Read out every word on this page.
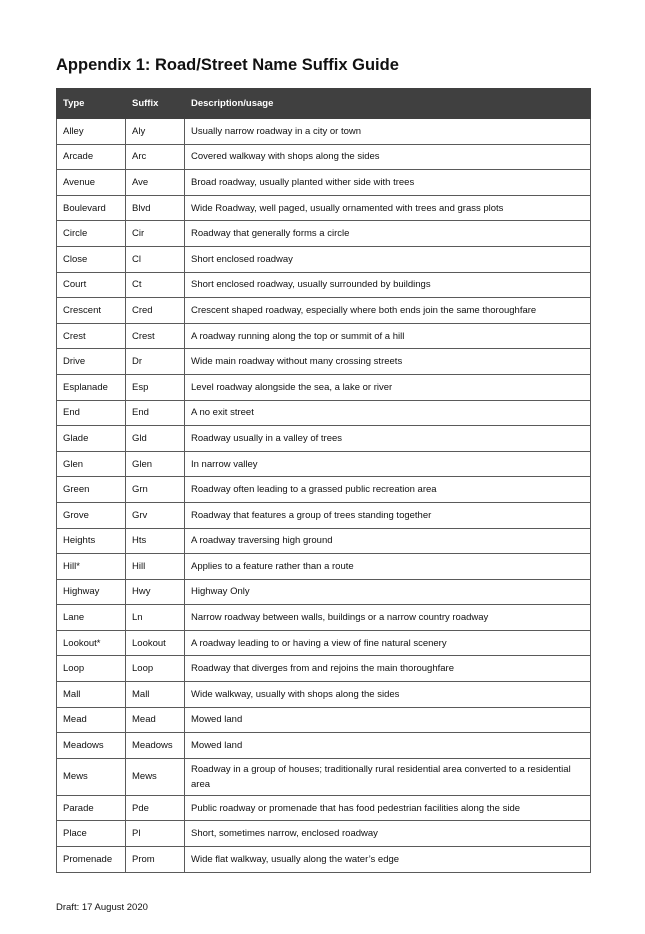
Appendix 1: Road/Street Name Suffix Guide
Type	Suffix	Description/usage
Alley	Aly	Usually narrow roadway in a city or town
Arcade	Arc	Covered walkway with shops along the sides
Avenue	Ave	Broad roadway, usually planted wither side with trees
Boulevard	Blvd	Wide Roadway, well paged, usually ornamented with trees and grass plots
Circle	Cir	Roadway that generally forms a circle
Close	Cl	Short enclosed roadway
Court	Ct	Short enclosed roadway, usually surrounded by buildings
Crescent	Cred	Crescent shaped roadway, especially where both ends join the same thoroughfare
Crest	Crest	A roadway running along the top or summit of a hill
Drive	Dr	Wide main roadway without many crossing streets
Esplanade	Esp	Level roadway alongside the sea, a lake or river
End	End	A no exit street
Glade	Gld	Roadway usually in a valley of trees
Glen	Glen	In narrow valley
Green	Grn	Roadway often leading to a grassed public recreation area
Grove	Grv	Roadway that features a group of trees standing together
Heights	Hts	A roadway traversing high ground
Hill*	Hill	Applies to a feature rather than a route
Highway	Hwy	Highway Only
Lane	Ln	Narrow roadway between walls, buildings or a narrow country roadway
Lookout*	Lookout	A roadway leading to or having a view of fine natural scenery
Loop	Loop	Roadway that diverges from and rejoins the main thoroughfare
Mall	Mall	Wide walkway, usually with shops along the sides
Mead	Mead	Mowed land
Meadows	Meadows	Mowed land
Mews	Mews	Roadway in a group of houses; traditionally rural residential area converted to a residential area
Parade	Pde	Public roadway or promenade that has food pedestrian facilities along the side
Place	Pl	Short, sometimes narrow, enclosed roadway
Promenade	Prom	Wide flat walkway, usually along the water’s edge

Draft: 17 August 2020
